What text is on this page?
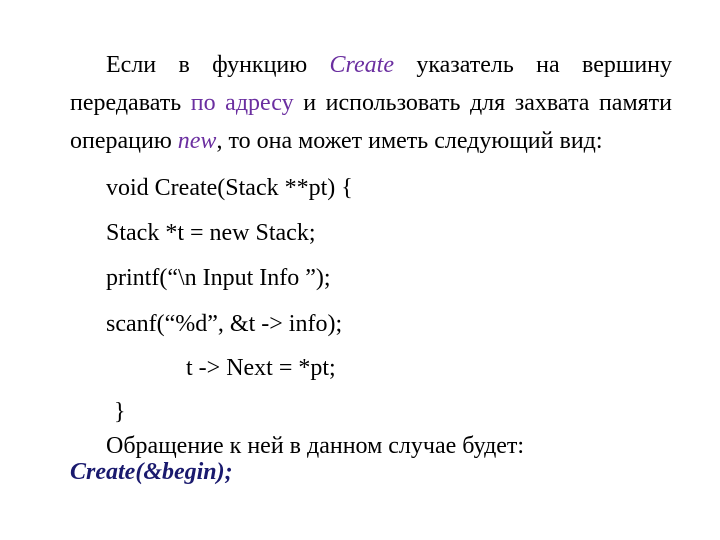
Если в функцию Create указатель на вершину
передавать по адресу и использовать для захвата памяти
операцию new, то она может иметь следующий вид:
void Create(Stack **pt) {
Stack *t = new Stack;
printf(“\n Input Info ”);
scanf(“%d”, &t -> info);
t -> Next = *pt;
}
Обращение к ней в данном случае будет:
Create(&begin);
